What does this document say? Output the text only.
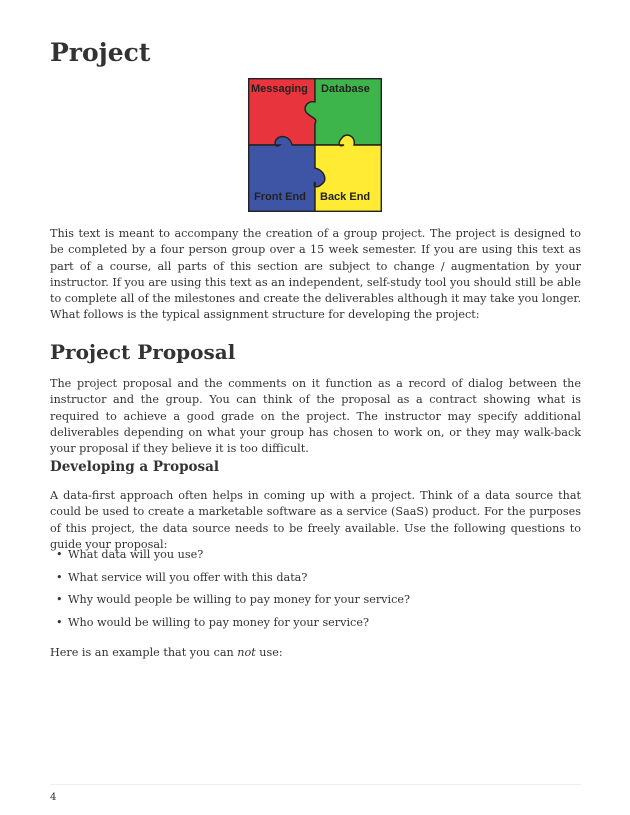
Project
Messaging Database
Front End Back End

This text is meant to accompany the creation of a group project. The project is designed to be completed by a four person group over a 15 week semester. If you are using this text as part of a course, all parts of this section are subject to change / augmentation by your instructor. If you are using this text as an independent, self-study tool you should still be able to complete all of the milestones and create the deliverables although it may take you longer. What follows is the typical assignment structure for developing the project:

Project Proposal

The project proposal and the comments on it function as a record of dialog between the instructor and the group. You can think of the proposal as a contract showing what is required to achieve a good grade on the project. The instructor may specify additional deliverables depending on what your group has chosen to work on, or they may walk-back your proposal if they believe it is too difficult.

Developing a Proposal

A data-first approach often helps in coming up with a project. Think of a data source that could be used to create a marketable software as a service (SaaS) product. For the purposes of this project, the data source needs to be freely available. Use the following questions to guide your proposal:

• What data will you use?
• What service will you offer with this data?
• Why would people be willing to pay money for your service?
• Who would be willing to pay money for your service?

Here is an example that you can not use:

4
